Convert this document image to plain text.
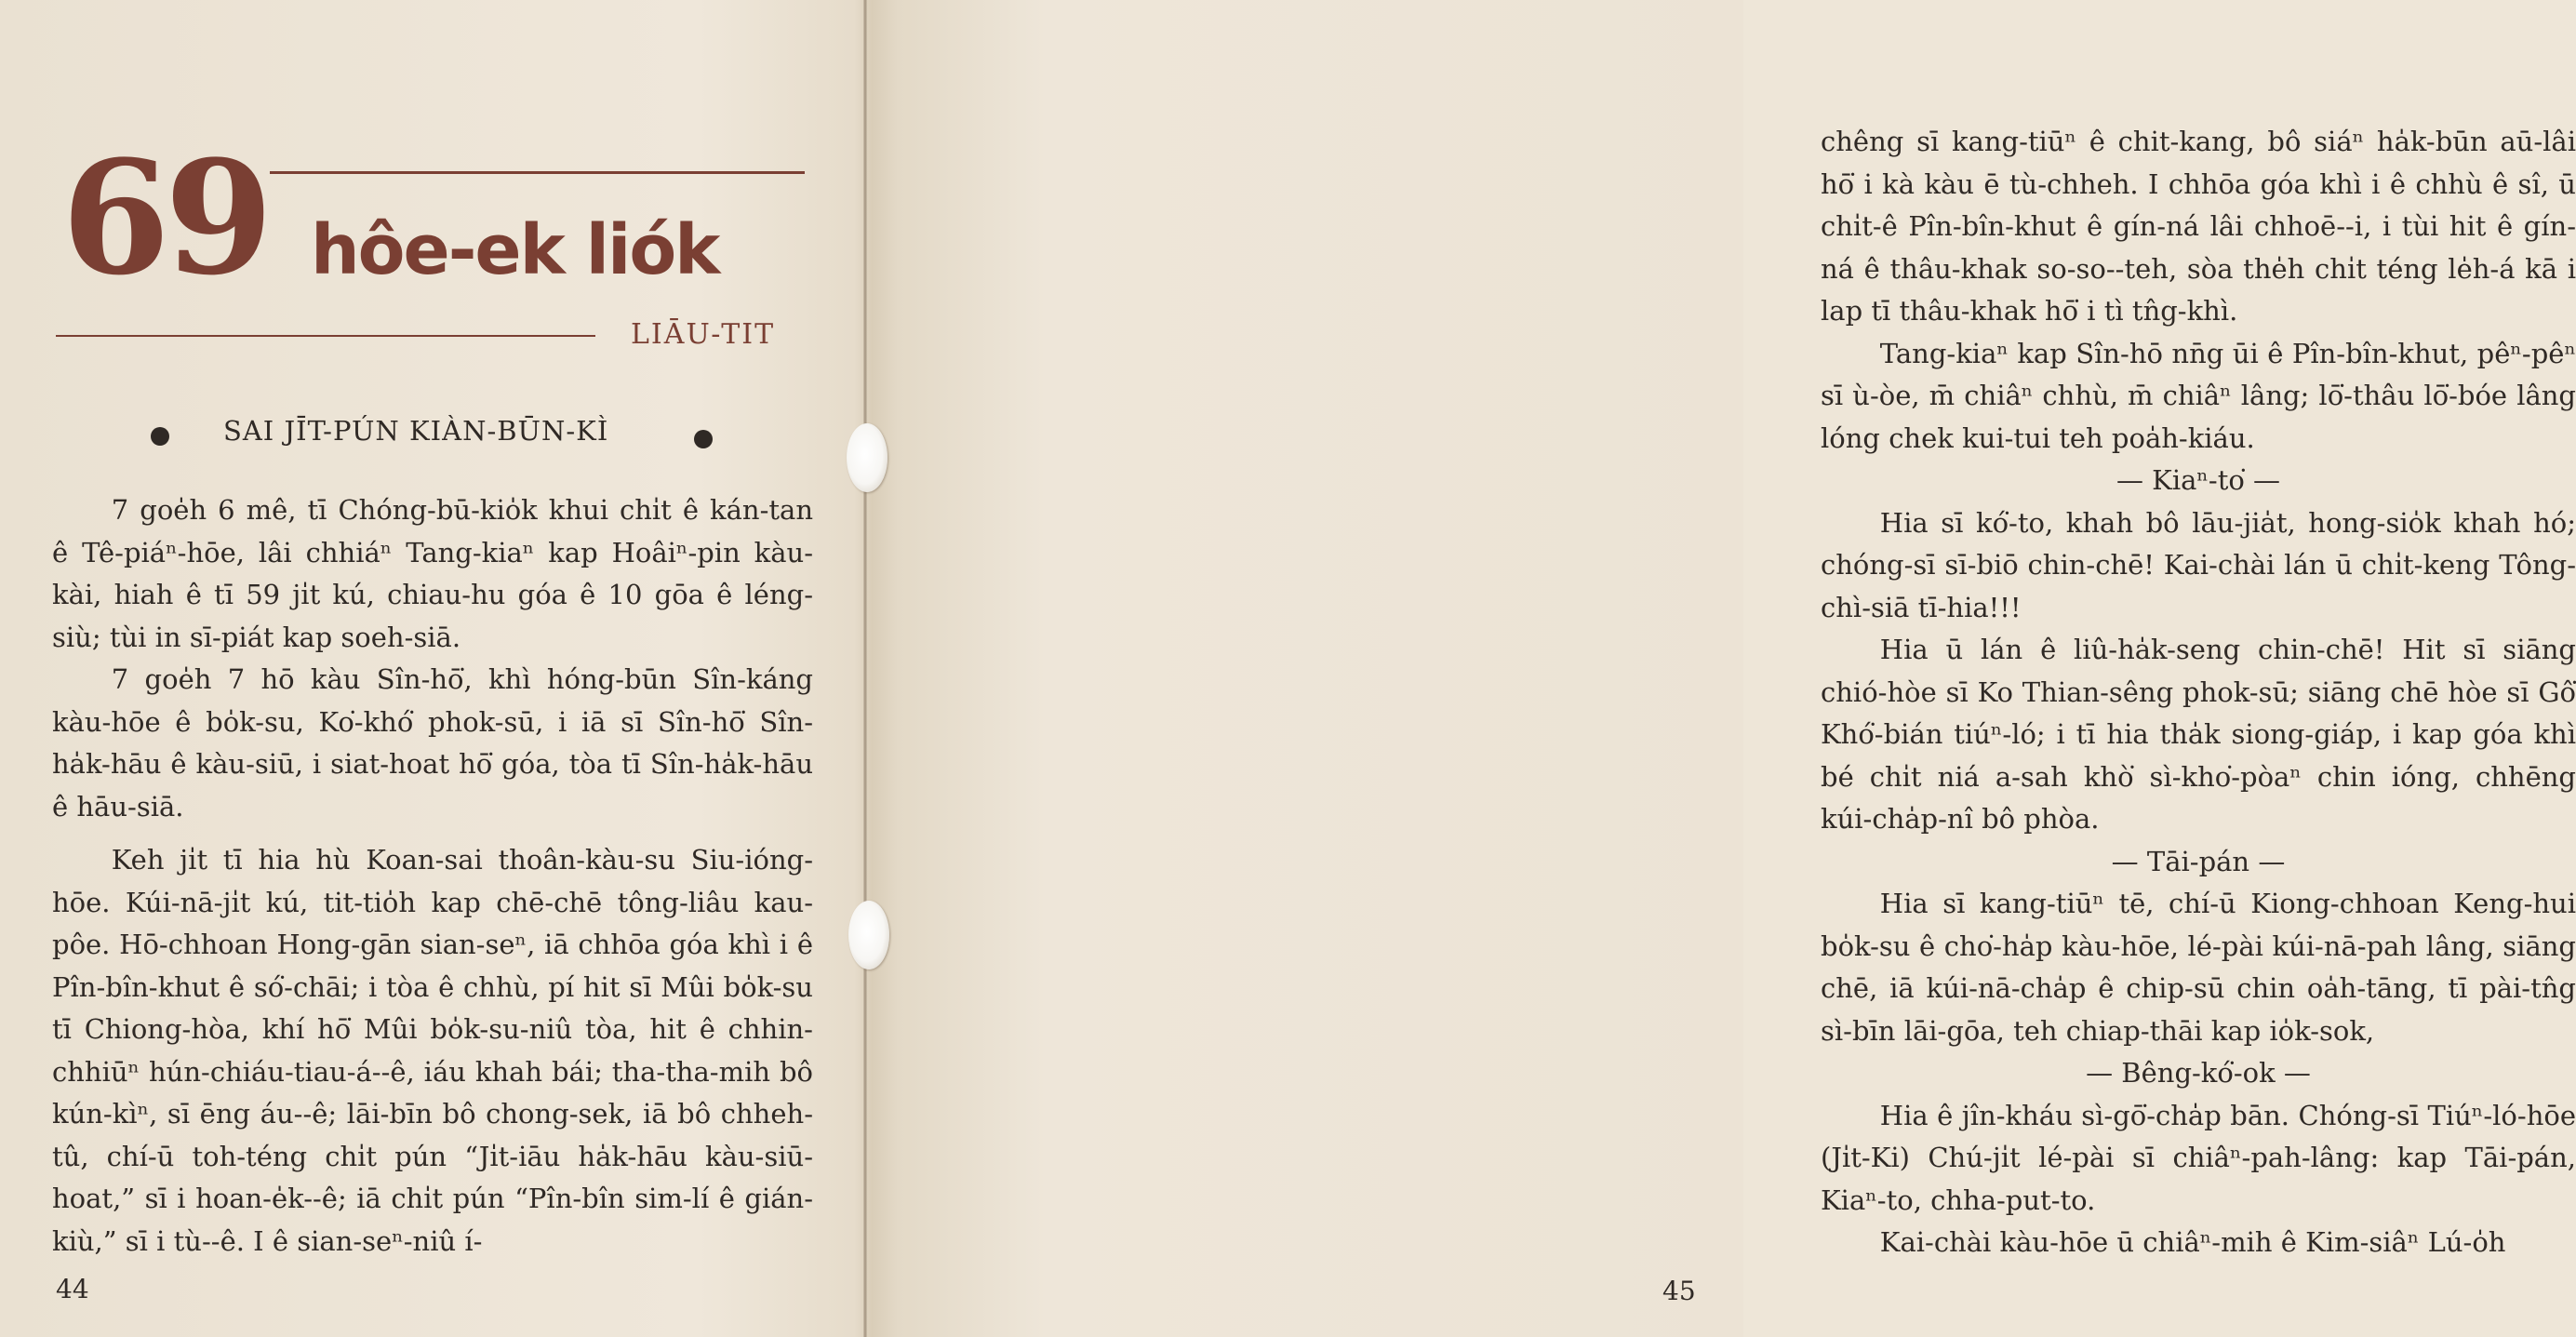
69 hôe-ek liók
LIĀU-TIT
SAI JĪT-PÚN KIÀN-BŪN-KÌ

7 goe̍h 6 mê, tī Chóng-bū-kio̍k khui chi̍t ê kán-tan ê Tê-piáⁿ-hōe, lâi chhiáⁿ Tang-kiaⁿ kap Hoâiⁿ-pin kàu-kài, hiah ê tī 59 ji̍t kú, chiau-hu góa ê 10 gōa ê léng-siù; tùi in sī-piát kap soeh-siā.

7 goe̍h 7 hō kàu Sîn-hō͘, khì hóng-būn Sîn-káng kàu-hōe ê bo̍k-su, Ko͘-khó͘ phok-sū, i iā sī Sîn-hō͘ Sîn-ha̍k-hāu ê kàu-siū, i siat-hoat hō͘ góa, tòa tī Sîn-ha̍k-hāu ê hāu-siā.

Keh ji̍t tī hia hù Koan-sai thoân-kàu-su Siu-ióng-hōe. Kúi-nā-ji̍t kú, tit-tio̍h kap chē-chē tông-liâu kau-pôe. Hō-chhoan Hong-gān sian-seⁿ, iā chhōa góa khì i ê Pîn-bîn-khut ê só͘-chāi; i tòa ê chhù, pí hit sī Mûi bo̍k-su tī Chiong-hòa, khí hō͘ Mûi bo̍k-su-niû tòa, hit ê chhin-chhiūⁿ hún-chiáu-tiau-á--ê, iáu khah bái; tha-tha-mih bô kún-kìⁿ, sī ēng áu--ê; lāi-bīn bô chong-sek, iā bô chheh-tû, chí-ū toh-téng chi̍t pún “Ji̍t-iāu ha̍k-hāu kàu-siū-hoat,” sī i hoan-e̍k--ê; iā chi̍t pún “Pîn-bîn sim-lí ê gián-kiù,” sī i tù--ê. I ê sian-seⁿ-niû í-

44

chêng sī kang-tiūⁿ ê chit-kang, bô siáⁿ ha̍k-būn aū-lâi hō͘ i kà kàu ē tù-chheh. I chhōa góa khì i ê chhù ê sî, ū chi̍t-ê Pîn-bîn-khut ê gín-ná lâi chhoē--i, i tùi hit ê gín-ná ê thâu-khak so-so--teh, sòa the̍h chi̍t téng le̍h-á kā i lap tī thâu-khak hō͘ i tì tn̂g-khì.

Tang-kiaⁿ kap Sîn-hō nn̄g ūi ê Pîn-bîn-khut, pêⁿ-pêⁿ sī ù-òe, m̄ chiâⁿ chhù, m̄ chiâⁿ lâng; lō͘-thâu lō͘-bóe lâng lóng chek kui-tui teh poa̍h-kiáu.

— Kiaⁿ-to͘ —

Hia sī kó͘-to, khah bô lāu-jia̍t, hong-sio̍k khah hó; chóng-sī sī-biō chin-chē! Kai-chài lán ū chi̍t-keng Tông-chì-siā tī-hia!!!

Hia ū lán ê liû-ha̍k-seng chin-chē! Hit sī siāng chió-hòe sī Ko Thian-sêng phok-sū; siāng chē hòe sī Gô͘ Khó͘-bián tiúⁿ-ló; i tī hia tha̍k siong-giáp, i kap góa khì bé chi̍t niá a-sah khò͘ sì-kho͘-pòaⁿ chin ióng, chhēng kúi-cha̍p-nî bô phòa.

— Tāi-pán —

Hia sī kang-tiūⁿ tē, chí-ū Kiong-chhoan Keng-hui bo̍k-su ê cho͘-ha̍p kàu-hōe, lé-pài kúi-nā-pah lâng, siāng chē, iā kúi-nā-cha̍p ê chip-sū chin oa̍h-tāng, tī pài-tn̂g sì-bīn lāi-gōa, teh chiap-thāi kap io̍k-sok,

— Bêng-kó͘-ok —

Hia ê jîn-kháu sì-gō͘-cha̍p bān. Chóng-sī Tiúⁿ-ló-hōe (Ji̍t-Ki) Chú-ji̍t lé-pài sī chiâⁿ-pah-lâng: kap Tāi-pán, Kiaⁿ-to, chha-put-to.

Kai-chài kàu-hōe ū chiâⁿ-mih ê Kim-siâⁿ Lú-o̍h

45
